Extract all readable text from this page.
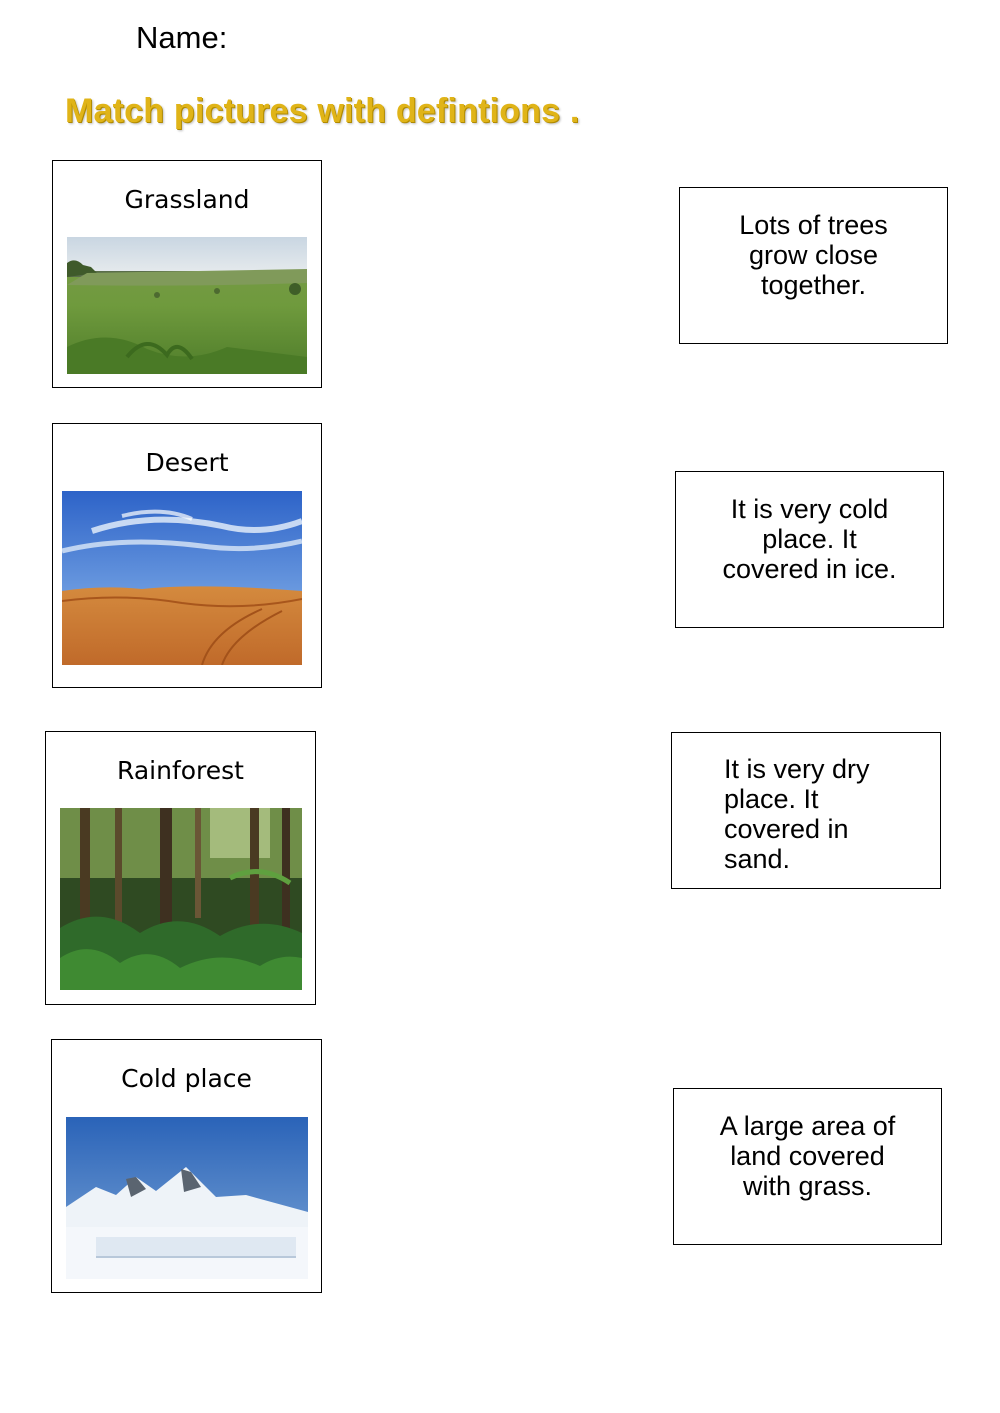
Name:
Match pictures with defintions .
Grassland
Desert
Rainforest
Cold place
Lots of trees
grow close
together.
It is very cold
place. It
covered in ice.
It is very dry
place. It
covered in
sand.
A large area of
land covered
with grass.
